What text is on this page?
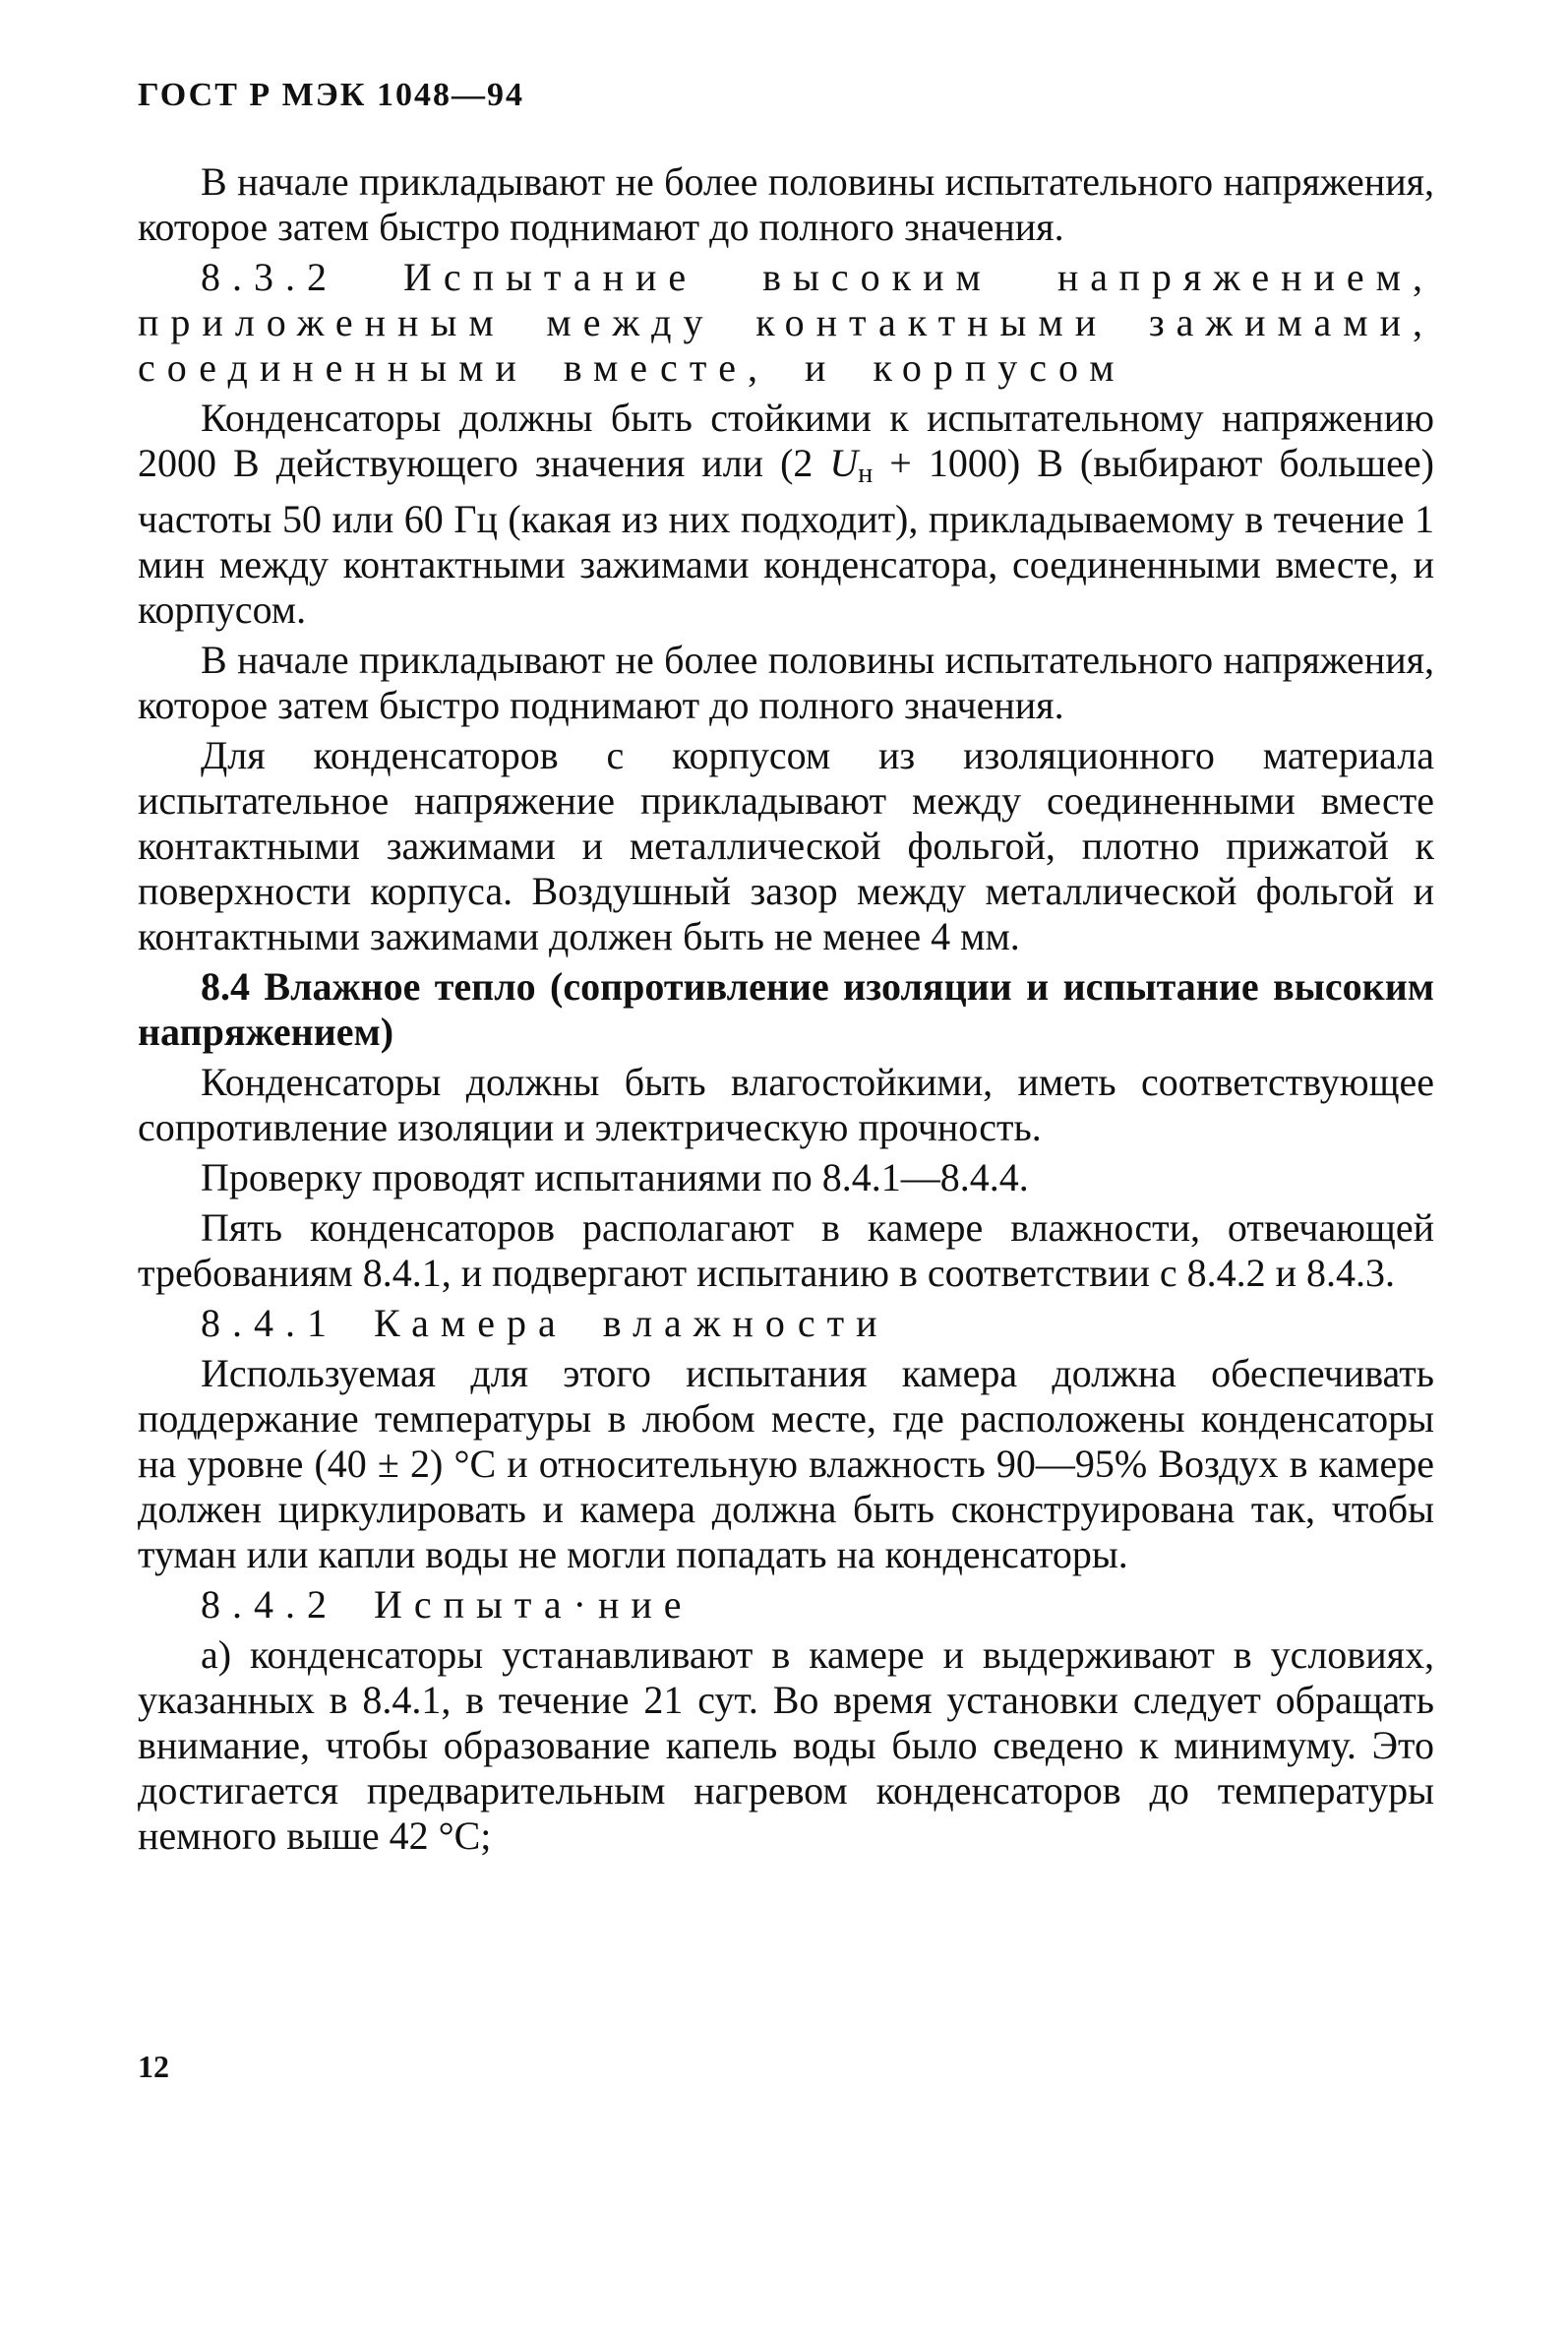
ГОСТ Р МЭК 1048—94

В начале прикладывают не более половины испытательного напряжения, которое затем быстро поднимают до полного значения.

8.3.2 Испытание высоким напряжением, приложенным между контактными зажимами, соединенными вместе, и корпусом

Конденсаторы должны быть стойкими к испытательному напряжению 2000 В действующего значения или (2 $U_н + 1000$) В (выбирают большее) частоты 50 или 60 Гц (какая из них подходит), прикладываемому в течение 1 мин между контактными зажимами конденсатора, соединенными вместе, и корпусом.

В начале прикладывают не более половины испытательного напряжения, которое затем быстро поднимают до полного значения.

Для конденсаторов с корпусом из изоляционного материала испытательное напряжение прикладывают между соединенными вместе контактными зажимами и металлической фольгой, плотно прижатой к поверхности корпуса. Воздушный зазор между металлической фольгой и контактными зажимами должен быть не менее 4 мм.

8.4 Влажное тепло (сопротивление изоляции и испытание высоким напряжением)

Конденсаторы должны быть влагостойкими, иметь соответствующее сопротивление изоляции и электрическую прочность.

Проверку проводят испытаниями по 8.4.1—8.4.4.

Пять конденсаторов располагают в камере влажности, отвечающей требованиям 8.4.1, и подвергают испытанию в соответствии с 8.4.2 и 8.4.3.

8.4.1 Камера влажности

Используемая для этого испытания камера должна обеспечивать поддержание температуры в любом месте, где расположены конденсаторы на уровне (40 ± 2) °С и относительную влажность 90—95% Воздух в камере должен циркулировать и камера должна быть сконструирована так, чтобы туман или капли воды не могли попадать на конденсаторы.

8.4.2 Испыта·ние

а) конденсаторы устанавливают в камере и выдерживают в условиях, указанных в 8.4.1, в течение 21 сут. Во время установки следует обращать внимание, чтобы образование капель воды было сведено к минимуму. Это достигается предварительным нагревом конденсаторов до температуры немного выше 42 °С;

12
